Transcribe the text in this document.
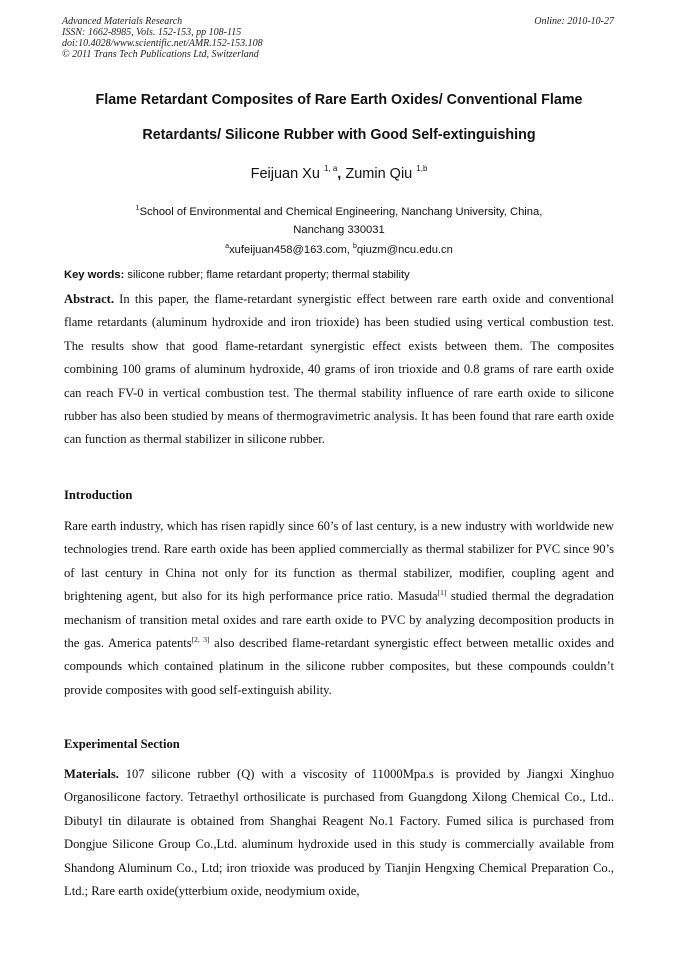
Advanced Materials Research
ISSN: 1662-8985, Vols. 152-153, pp 108-115
doi:10.4028/www.scientific.net/AMR.152-153.108
© 2011 Trans Tech Publications Ltd, Switzerland
Online: 2010-10-27
Flame Retardant Composites of Rare Earth Oxides/ Conventional Flame
Retardants/ Silicone Rubber with Good Self-extinguishing
Feijuan Xu $^{1, a}$, Zumin Qiu $^{1,b}$
$^1$School of Environmental and Chemical Engineering, Nanchang University, China,
Nanchang 330031
$^a$xufeijuan458@163.com, $^b$qiuzm@ncu.edu.cn
Key words: silicone rubber; flame retardant property; thermal stability
Abstract. In this paper, the flame-retardant synergistic effect between rare earth oxide and conventional flame retardants (aluminum hydroxide and iron trioxide) has been studied using vertical combustion test. The results show that good flame-retardant synergistic effect exists between them. The composites combining 100 grams of aluminum hydroxide, 40 grams of iron trioxide and 0.8 grams of rare earth oxide can reach FV-0 in vertical combustion test. The thermal stability influence of rare earth oxide to silicone rubber has also been studied by means of thermogravimetric analysis. It has been found that rare earth oxide can function as thermal stabilizer in silicone rubber.
Introduction
Rare earth industry, which has risen rapidly since 60’s of last century, is a new industry with worldwide new technologies trend. Rare earth oxide has been applied commercially as thermal stabilizer for PVC since 90’s of last century in China not only for its function as thermal stabilizer, modifier, coupling agent and brightening agent, but also for its high performance price ratio. Masuda[1] studied thermal the degradation mechanism of transition metal oxides and rare earth oxide to PVC by analyzing decomposition products in the gas. America patents[2, 3] also described flame-retardant synergistic effect between metallic oxides and compounds which contained platinum in the silicone rubber composites, but these compounds couldn’t provide composites with good self-extinguish ability.
Experimental Section
Materials. 107 silicone rubber (Q) with a viscosity of 11000Mpa.s is provided by Jiangxi Xinghuo Organosilicone factory. Tetraethyl orthosilicate is purchased from Guangdong Xilong Chemical Co., Ltd.. Dibutyl tin dilaurate is obtained from Shanghai Reagent No.1 Factory. Fumed silica is purchased from Dongjue Silicone Group Co.,Ltd. aluminum hydroxide used in this study is commercially available from Shandong Aluminum Co., Ltd; iron trioxide was produced by Tianjin Hengxing Chemical Preparation Co., Ltd.; Rare earth oxide(ytterbium oxide, neodymium oxide,
